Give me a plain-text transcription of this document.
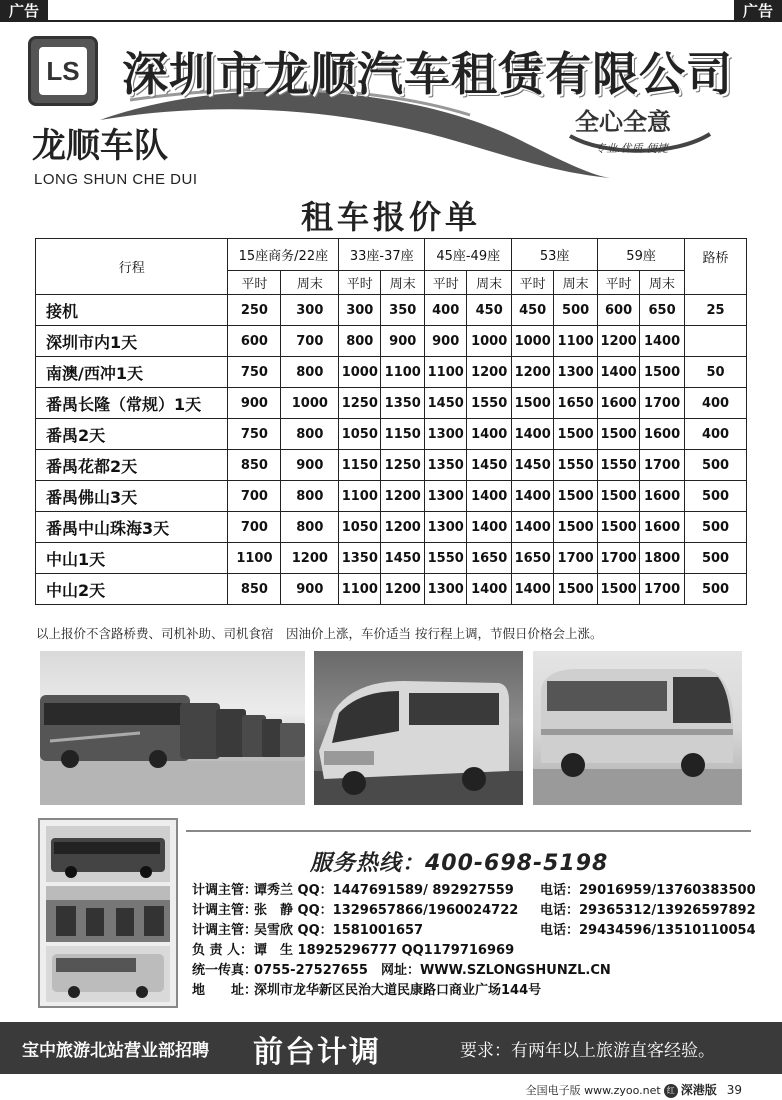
广告	广告
LS 深圳市龙顺汽车租赁有限公司
龙顺车队
LONG SHUN CHE DUI
全心全意
专业.优质.便捷
租车报价单
行程	15座商务/22座		33座-37座		45座-49座		53座		59座		路桥
	平时	周末	平时	周末	平时	周末	平时	周末	平时	周末	
接机	250	300	300	350	400	450	450	500	600	650	25
深圳市内1天	600	700	800	900	900	1000	1000	1100	1200	1400	
南澳/西冲1天	750	800	1000	1100	1100	1200	1200	1300	1400	1500	50
番禺长隆（常规）1天	900	1000	1250	1350	1450	1550	1500	1650	1600	1700	400
番禺2天	750	800	1050	1150	1300	1400	1400	1500	1500	1600	400
番禺花都2天	850	900	1150	1250	1350	1450	1450	1550	1550	1700	500
番禺佛山3天	700	800	1100	1200	1300	1400	1400	1500	1500	1600	500
番禺中山珠海3天	700	800	1050	1200	1300	1400	1400	1500	1500	1600	500
中山1天	1100	1200	1350	1450	1550	1650	1650	1700	1700	1800	500
中山2天	850	900	1100	1200	1300	1400	1400	1500	1500	1700	500
以上报价不含路桥费、司机补助、司机食宿　因油价上涨，车价适当 按行程上调，节假日价格会上涨。
服务热线：400-698-5198
计调主管：谭秀兰 QQ：1447691589/ 892927559 电话：29016959/13760383500
计调主管：张　静 QQ：1329657866/1960024722 电话：29365312/13926597892
计调主管：吴雪欣 QQ：1581001657	电话：29434596/13510110054
负 责 人：谭　生 18925296777 QQ1179716969
统一传真：0755-27527655　网址：WWW.SZLONGSHUNZL.CN
地　　址：深圳市龙华新区民治大道民康路口商业广场144号
宝中旅游北站营业部招聘 前台计调	要求：有两年以上旅游直客经验。
全国电子版 www.zyoo.net 红 深港版 39
